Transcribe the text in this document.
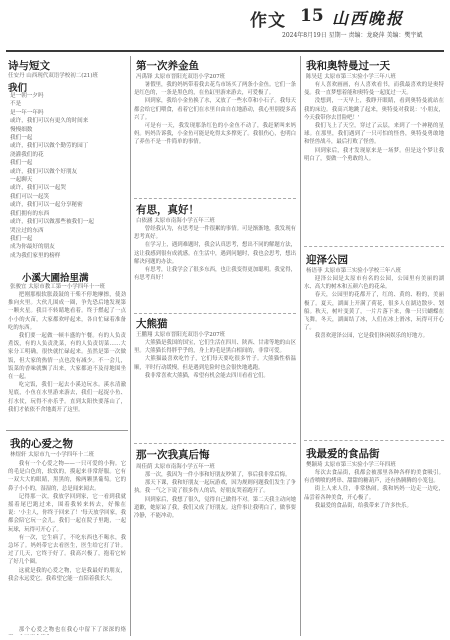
作文 15 山西晚报
2024年8月19日 星期一 责编：龙晓萍 美编：樊宇斌
诗与短文
任安丹 山西现代双语学校初二(21)班
我们
是一朝一夕吗
不是
是一年一年吗
或许，我们可以有更久的时间来
慢慢细数
我们一起
或许，我们可以做个勤劳的园丁
浇灌我们的花
我们一起
或许，我们可以做个好朋友
一起聊天
或许，我们可以一起哭
我们可以一起笑
或许，我们可以一起分享秘密
我们拥有的东西
或许，我们可以做那些被我们一起
哭泣过的东西
我们一起
成为你最好的朋友
成为我们家里的榜样
小溪大圃拾里满
张骏宜 太原市教工第一小学四年十一班

把刚那根软胀鼓鼓的干柴不停地摩擦，使劲推向火里。大伙儿围成一圈，争先恐后地发现第一颗火星。我目不转睛地看着。终于燃起了一点小小的火苗，大家都欢呼起来，各自忙碌着准备吃的东西。

我们要一起做一顿丰盛的午餐。有的人负责煮饭，有的人负责洗菜，有的人负责切菜……大家分工明确，很快就忙碌起来。虽然是第一次做饭，但大家的热情一点也没有减少。不一会儿，饭菜的香味就飘了出来，大家都迫不及待地围坐在一起。

吃完饭，我们一起去小溪边玩水。溪水清澈见底，小鱼在水里游来游去，我们一起捉小鱼、打水仗，玩得不亦乐乎。直到太阳快要落山了，我们才依依不舍地离开了这里。

我的心爱之物
林煜轩 太原市九一小学四年十二班

我有一个心爱之物——一只可爱的小狗。它的毛是白色的，软软的，摸起来非常舒服。它有一双大大的眼睛，黑黑的，像两颗黑葡萄。它的鼻子小小的，湿湿的，总是闻来闻去。

记得那一次，我放学回到家，它一看到我就摇着尾巴跑过来，围着我转来转去，好像在说：'小主人，你终于回来了！'每天放学回家，我都会陪它玩一会儿。我们一起在院子里跑，一起玩球，玩得可开心了。

有一次，它生病了，不吃东西也不喝水，我急坏了。妈妈带它去看医生，医生给它打了针。过了几天，它终于好了。我高兴极了，抱着它转了好几个圈。

这就是我的心爱之物，它是我最好的朋友，我会永远爱它。我希望它能一直陪着我长大。

那个心爱之物也在我心中留下了深深的烙

第一次养金鱼
冯禹锋 太原市晋阳光双语小学207班

暑假里，我的妈妈带着我去花鸟市场买了两条小金鱼。它们一条是红色的，一条是黑色的，在鱼缸里游来游去，可爱极了。

回到家，我给小金鱼换了水，又放了一些水草和小石子。我每天都会给它们喂食，看着它们在水里自由自在地游动，我心里别提多高兴了。

可是有一天，我发现那条红色的小金鱼不动了，我赶紧叫来妈妈。妈妈告诉我，小金鱼可能是吃得太多撑死了。我很伤心，也明白了养鱼不是一件简单的事情。

有思，真好！
白依涵 太原市南海小学五年三班

曾经我认为，有思考是一件很累的事情。可是渐渐地，我发现有思考真好。

在学习上，遇到难题时，我会认真思考，想出不同的解题方法，这让我感到很有成就感。在生活中，遇到问题时，我也会思考，想出解决问题的办法。

有思考，让我学会了很多东西，也让我变得更加聪明。我觉得，有思考真好！

大熊猫
王鹏翔 太原市晋阳光双语小学207班

大熊猫是我国的国宝，它们生活在四川、陕西、甘肃等地的山区里。大熊猫长得胖乎乎的，身上的毛是黑白相间的，非常可爱。

大熊猫最喜欢吃竹子，它们每天要吃很多竹子。大熊猫性格温顺，平时行动缓慢，但是遇到危险时也会很快地逃跑。

我非常喜欢大熊猫，希望有机会能去四川看看它们。

那一次我真后悔
周佳荫 太原市南海小学五年一班

那一次，我因为一件小事和好朋友吵架了，事后我非常后悔。

那天下课，我和好朋友一起玩游戏，因为规则问题我们发生了争执。我一气之下说了很多伤人的话，好朋友哭着跑开了。

回到家后，我想了很久，觉得自己做得不对。第二天我主动向她道歉，她原谅了我，我们又成了好朋友。这件事让我明白了，做事要冷静，不能冲动。

我和奥特曼过一天
陈昊廷 太原市第三实验小学三年八班

有人喜欢画画，有人喜欢看书，而我最喜欢的是奥特曼。我一直梦想着能和奥特曼一起度过一天。

没想到，一天早上，我睁开眼睛，看到奥特曼就站在我的床边。我高兴地跳了起来，奥特曼对我说：'小朋友，今天我带你去冒险吧！'

我们飞上了天空，穿过了云层，来到了一个神秘的星球。在那里，我们遇到了一只可怕的怪兽，奥特曼勇敢地和怪兽战斗，最后打败了怪兽。

回到家后，我才发现原来是一场梦。但是这个梦让我明白了，要做一个勇敢的人。

迎泽公园
杨语菲 太原市第三实验小学校三年八班

迎泽公园是太原市有名的公园，公园里有美丽的湖水、高大的树木和五颜六色的花朵。

春天，公园里的花都开了，红的、黄的、粉的，美丽极了。夏天，湖面上开满了荷花，很多人在湖边散步、划船。秋天，树叶变黄了，一片片落下来，像一只只蝴蝶在飞舞。冬天，湖面结了冰，人们在冰上滑冰，玩得可开心了。

我喜欢迎泽公园，它是我们休闲娱乐的好地方。

我最爱的食品街
樊颖琦 太原市第三实验小学三年四班

每次去食品街，我都会被那里各种各样的美食吸引。有香喷喷的烤串、甜甜的糖葫芦，还有热腾腾的小笼包。

街上人来人往，非常热闹。我和妈妈一边走一边吃，品尝着各种美食，开心极了。

我最爱的食品街，给我带来了许多快乐。
